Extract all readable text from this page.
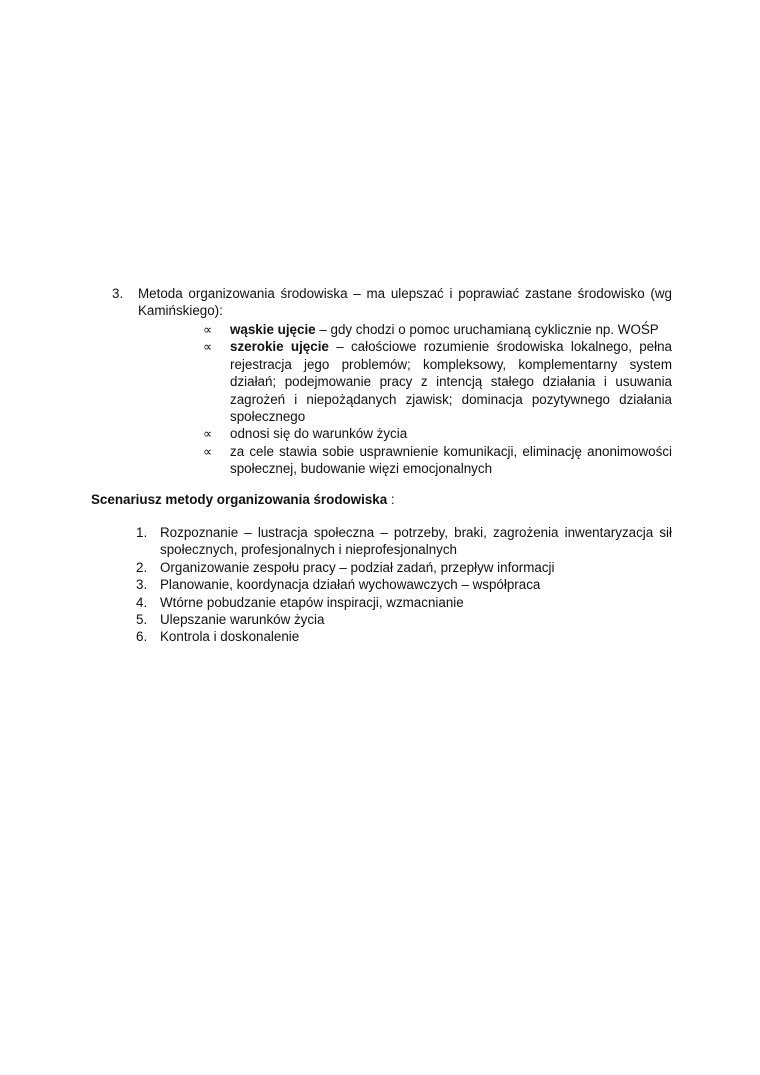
3.	Metoda organizowania środowiska – ma ulepszać i poprawiać zastane środowisko (wg Kamińskiego):
∝	wąskie ujęcie – gdy chodzi o pomoc uruchamianą cyklicznie np. WOŚP
∝	szerokie ujęcie – całościowe rozumienie środowiska lokalnego, pełna rejestracja jego problemów; kompleksowy, komplementarny system działań; podejmowanie pracy z intencją stałego działania i usuwania zagrożeń i niepożądanych zjawisk; dominacja pozytywnego działania społecznego
∝	odnosi się do warunków życia
∝	za cele stawia sobie usprawnienie komunikacji, eliminację anonimowości społecznej, budowanie więzi emocjonalnych
Scenariusz metody organizowania środowiska :
1. Rozpoznanie – lustracja społeczna – potrzeby, braki, zagrożenia inwentaryzacja sił społecznych, profesjonalnych i nieprofesjonalnych
2. Organizowanie zespołu pracy – podział zadań, przepływ informacji
3. Planowanie, koordynacja działań wychowawczych – współpraca
4. Wtórne pobudzanie etapów inspiracji, wzmacnianie
5. Ulepszanie warunków życia
6. Kontrola i doskonalenie
